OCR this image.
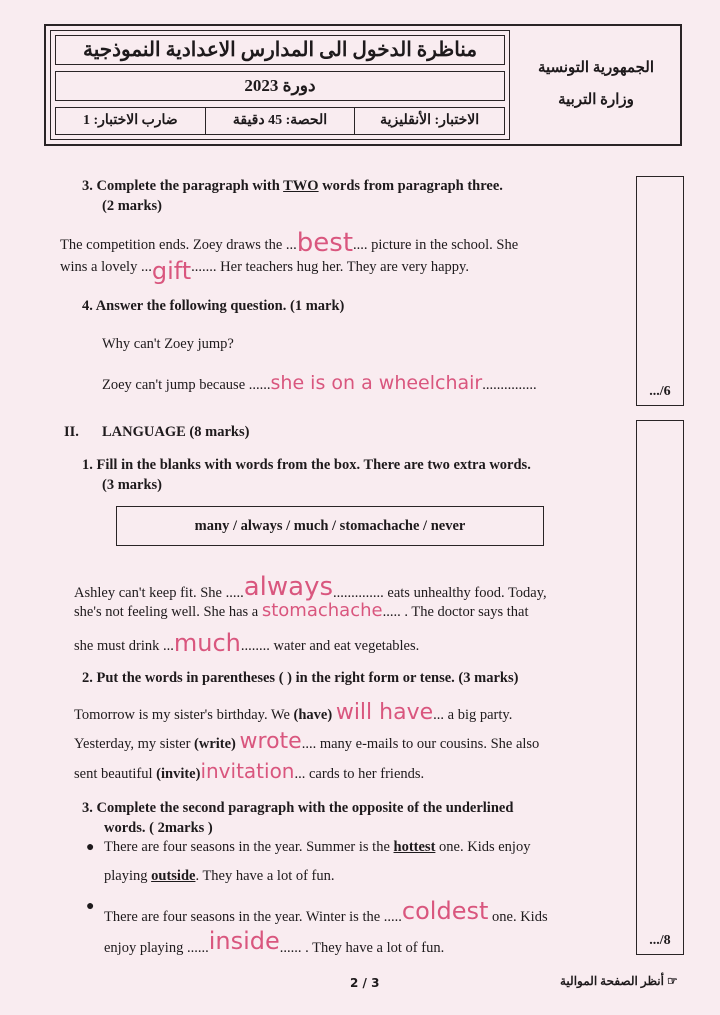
مناظرة الدخول الى المدارس الاعدادية النموذجية
دورة 2023
الاختبار: الأنقليزية
الحصة: 45 دقيقة
ضارب الاختبار: 1
الجمهورية التونسية
وزارة التربية
.../6
.../8
3. Complete the paragraph with TWO words from paragraph three.
(2 marks)
The competition ends. Zoey draws the ...best.... picture in the school. She
wins a lovely ...gift....... Her teachers hug her. They are very happy.
4. Answer the following question. (1 mark)
Why can't Zoey jump?
Zoey can't jump because ......she is on a wheelchair...............
II. LANGUAGE (8 marks)
1. Fill in the blanks with words from the box. There are two extra words.
(3 marks)
many / always / much / stomachache / never
Ashley can't keep fit. She .....always.............. eats unhealthy food. Today,
she's not feeling well. She has a stomachache..... . The doctor says that
she must drink ...much........ water and eat vegetables.
2. Put the words in parentheses ( ) in the right form or tense. (3 marks)
Tomorrow is my sister's birthday. We (have) will have... a big party.
Yesterday, my sister (write) wrote.... many e-mails to our cousins. She also
sent beautiful (invite)invitation... cards to her friends.
3. Complete the second paragraph with the opposite of the underlined
words. ( 2marks )
● There are four seasons in the year. Summer is the hottest one. Kids enjoy
playing outside. They have a lot of fun.
●
There are four seasons in the year. Winter is the .....coldest one. Kids
enjoy playing ......inside...... . They have a lot of fun.
2 / 3	☞ أنظر الصفحة الموالية
